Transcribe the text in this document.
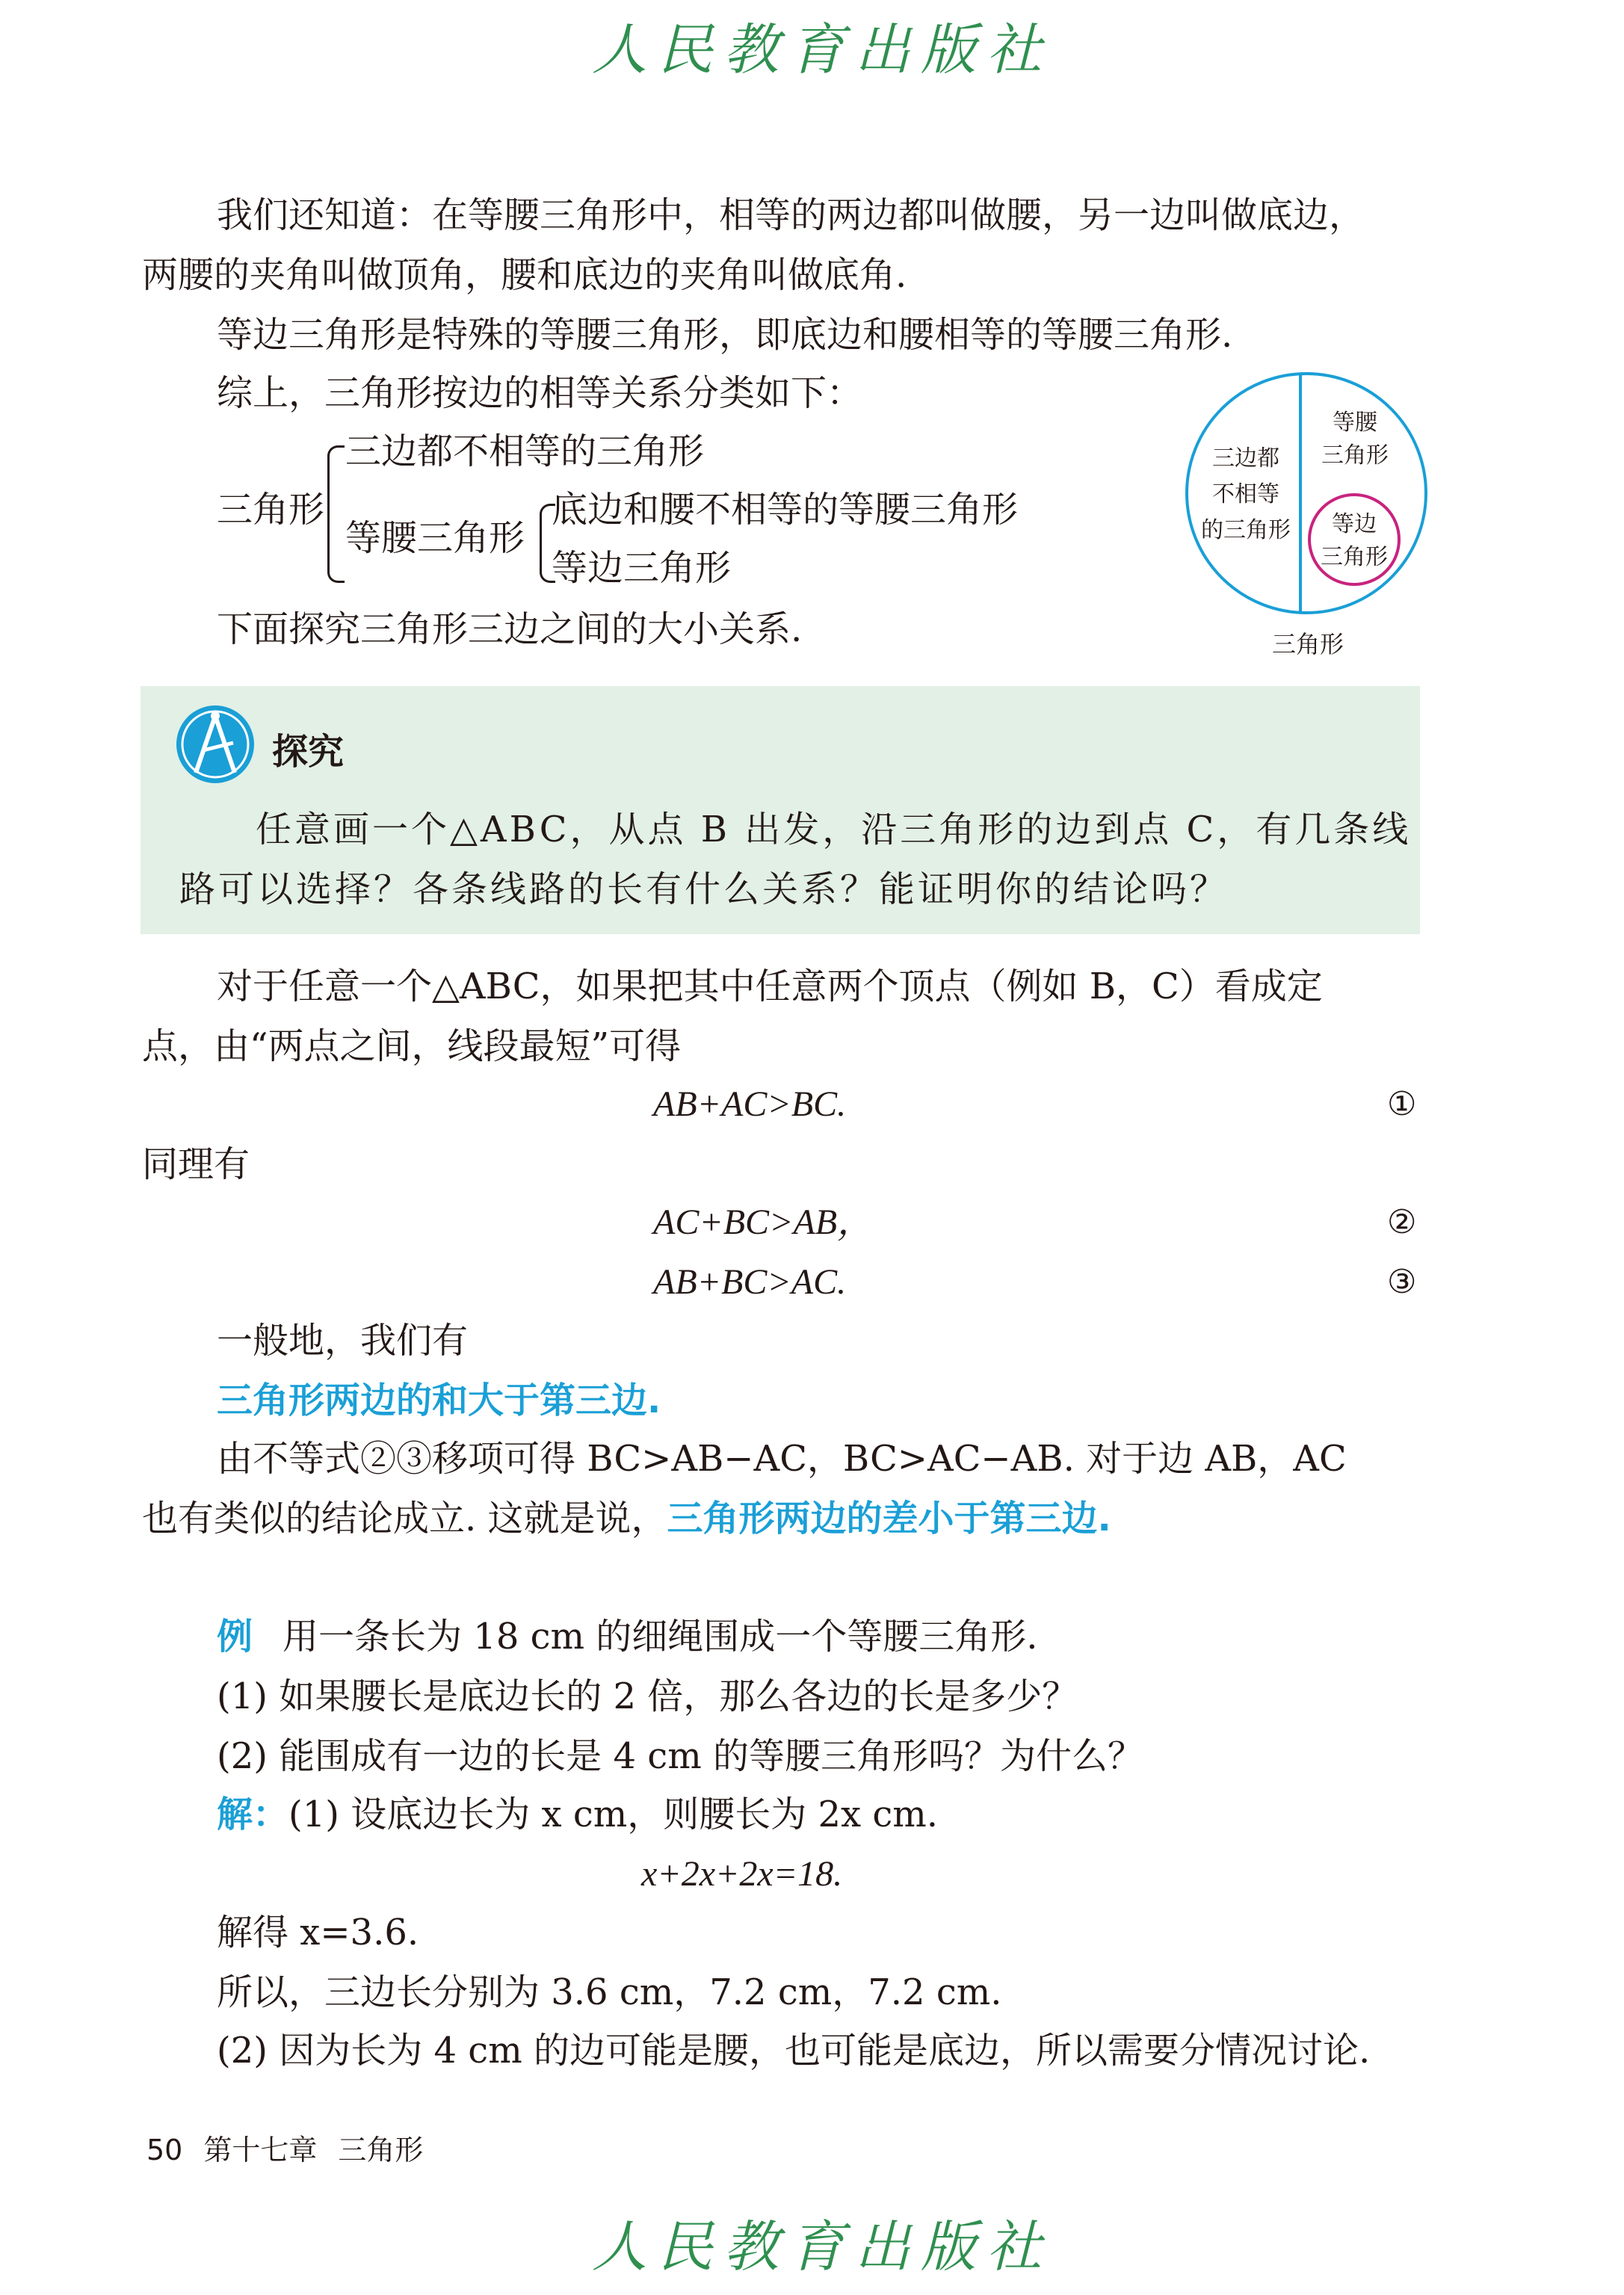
人民教育出版社
我们还知道：在等腰三角形中，相等的两边都叫做腰，另一边叫做底边，
两腰的夹角叫做顶角，腰和底边的夹角叫做底角.
等边三角形是特殊的等腰三角形，即底边和腰相等的等腰三角形.
综上，三角形按边的相等关系分类如下：
三角形
三边都不相等的三角形
等腰三角形
底边和腰不相等的等腰三角形
等边三角形
下面探究三角形三边之间的大小关系.
三边都
不相等
的三角形
等腰
三角形
等边
三角形
三角形
探究
任意画一个△ABC，从点 B 出发，沿三角形的边到点 C，有几条线
路可以选择？各条线路的长有什么关系？能证明你的结论吗？
对于任意一个△ABC，如果把其中任意两个顶点（例如 B，C）看成定
点，由“两点之间，线段最短”可得
AB+AC>BC.	①
同理有
AC+BC>AB，	②
AB+BC>AC.	③
一般地，我们有
三角形两边的和大于第三边.
由不等式②③移项可得 BC>AB−AC，BC>AC−AB. 对于边 AB，AC
也有类似的结论成立. 这就是说，三角形两边的差小于第三边.
例 用一条长为 18 cm 的细绳围成一个等腰三角形.
(1) 如果腰长是底边长的 2 倍，那么各边的长是多少？
(2) 能围成有一边的长是 4 cm 的等腰三角形吗？为什么？
解：(1) 设底边长为 x cm，则腰长为 2x cm.
x+2x+2x=18.
解得 x=3.6.
所以，三边长分别为 3.6 cm，7.2 cm，7.2 cm.
(2) 因为长为 4 cm 的边可能是腰，也可能是底边，所以需要分情况讨论.
50 第十七章 三角形
人民教育出版社
